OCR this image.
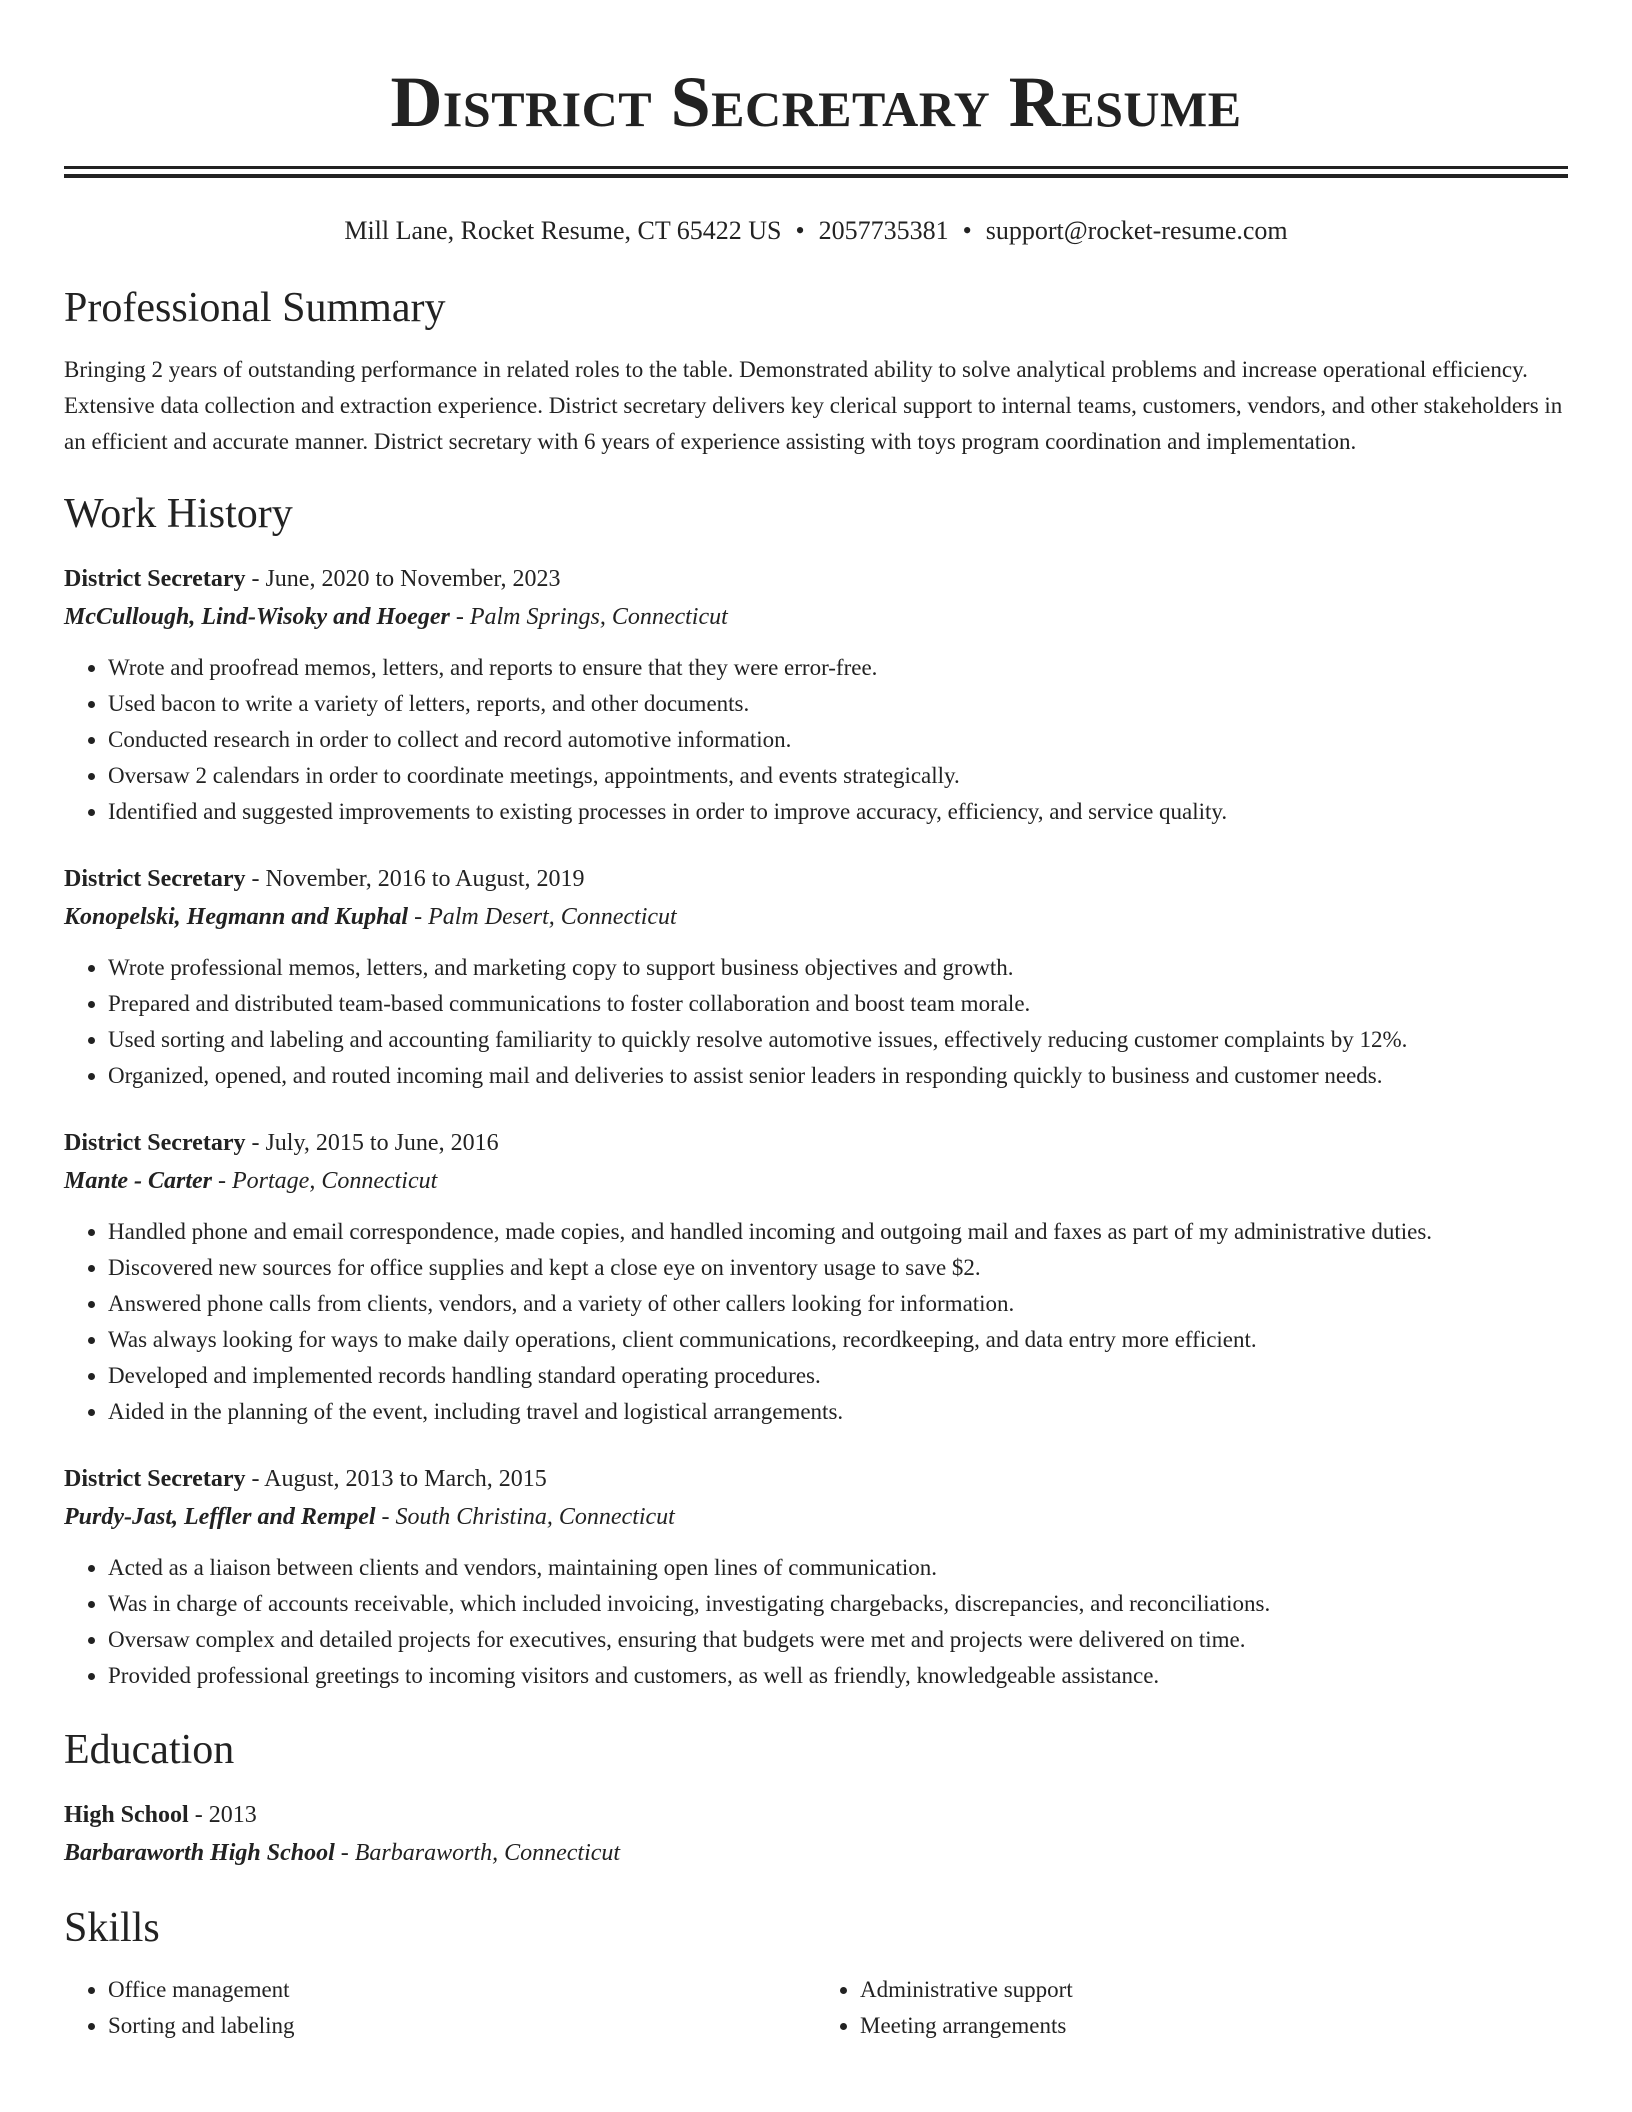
District Secretary Resume
Mill Lane, Rocket Resume, CT 65422 US • 2057735381 • support@rocket-resume.com
Professional Summary
Bringing 2 years of outstanding performance in related roles to the table. Demonstrated ability to solve analytical problems and increase operational efficiency. Extensive data collection and extraction experience. District secretary delivers key clerical support to internal teams, customers, vendors, and other stakeholders in an efficient and accurate manner. District secretary with 6 years of experience assisting with toys program coordination and implementation.
Work History
District Secretary - June, 2020 to November, 2023
McCullough, Lind-Wisoky and Hoeger - Palm Springs, Connecticut
• Wrote and proofread memos, letters, and reports to ensure that they were error-free.
• Used bacon to write a variety of letters, reports, and other documents.
• Conducted research in order to collect and record automotive information.
• Oversaw 2 calendars in order to coordinate meetings, appointments, and events strategically.
• Identified and suggested improvements to existing processes in order to improve accuracy, efficiency, and service quality.
District Secretary - November, 2016 to August, 2019
Konopelski, Hegmann and Kuphal - Palm Desert, Connecticut
• Wrote professional memos, letters, and marketing copy to support business objectives and growth.
• Prepared and distributed team-based communications to foster collaboration and boost team morale.
• Used sorting and labeling and accounting familiarity to quickly resolve automotive issues, effectively reducing customer complaints by 12%.
• Organized, opened, and routed incoming mail and deliveries to assist senior leaders in responding quickly to business and customer needs.
District Secretary - July, 2015 to June, 2016
Mante - Carter - Portage, Connecticut
• Handled phone and email correspondence, made copies, and handled incoming and outgoing mail and faxes as part of my administrative duties.
• Discovered new sources for office supplies and kept a close eye on inventory usage to save $2.
• Answered phone calls from clients, vendors, and a variety of other callers looking for information.
• Was always looking for ways to make daily operations, client communications, recordkeeping, and data entry more efficient.
• Developed and implemented records handling standard operating procedures.
• Aided in the planning of the event, including travel and logistical arrangements.
District Secretary - August, 2013 to March, 2015
Purdy-Jast, Leffler and Rempel - South Christina, Connecticut
• Acted as a liaison between clients and vendors, maintaining open lines of communication.
• Was in charge of accounts receivable, which included invoicing, investigating chargebacks, discrepancies, and reconciliations.
• Oversaw complex and detailed projects for executives, ensuring that budgets were met and projects were delivered on time.
• Provided professional greetings to incoming visitors and customers, as well as friendly, knowledgeable assistance.
Education
High School - 2013
Barbaraworth High School - Barbaraworth, Connecticut
Skills
• Office management
• Sorting and labeling
• Administrative support
• Meeting arrangements
